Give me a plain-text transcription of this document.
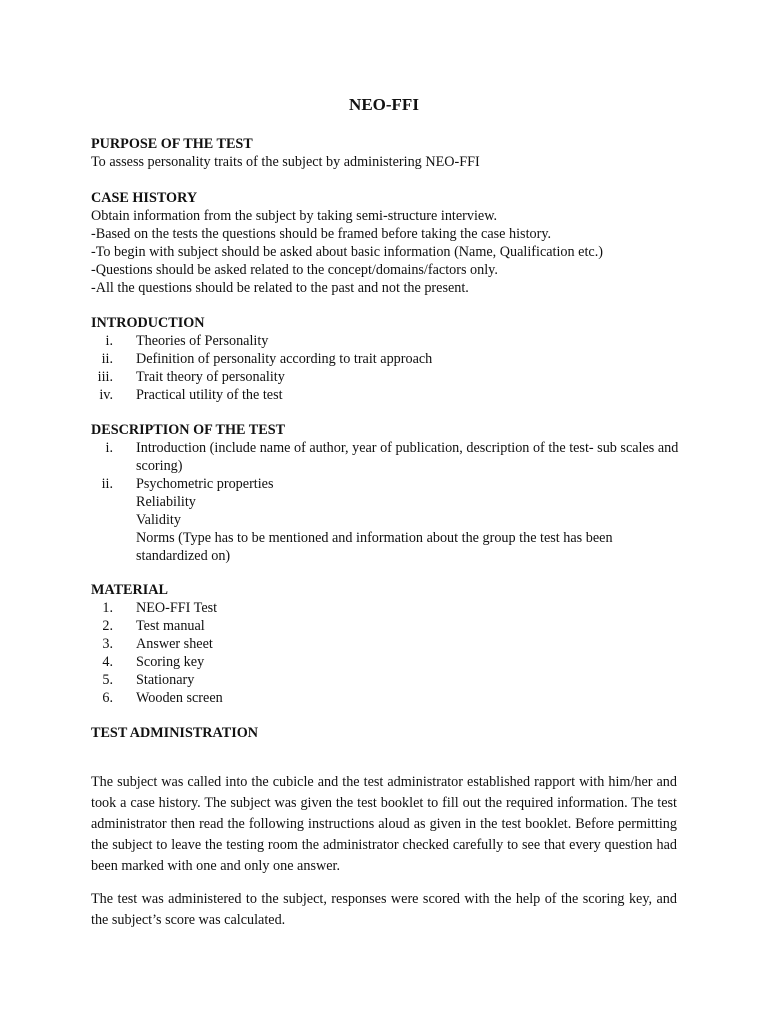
NEO-FFI
PURPOSE OF THE TEST
To assess personality traits of the subject by administering NEO-FFI
CASE HISTORY
Obtain information from the subject by taking semi-structure interview.
-Based on the tests the questions should be framed before taking the case history.
-To begin with subject should be asked about basic information (Name, Qualification etc.)
-Questions should be asked related to the concept/domains/factors only.
-All the questions should be related to the past and not the present.
INTRODUCTION
i. Theories of Personality
ii. Definition of personality according to trait approach
iii. Trait theory of personality
iv. Practical utility of the test
DESCRIPTION OF THE TEST
i. Introduction (include name of author, year of publication, description of the test- sub scales and scoring)
ii. Psychometric properties
Reliability
Validity
Norms (Type has to be mentioned and information about the group the test has been standardized on)
MATERIAL
1. NEO-FFI Test
2. Test manual
3. Answer sheet
4. Scoring key
5. Stationary
6. Wooden screen
TEST ADMINISTRATION
The subject was called into the cubicle and the test administrator established rapport with him/her and took a case history. The subject was given the test booklet to fill out the required information. The test administrator then read the following instructions aloud as given in the test booklet. Before permitting the subject to leave the testing room the administrator checked carefully to see that every question had been marked with one and only one answer.
The test was administered to the subject, responses were scored with the help of the scoring key, and the subject’s score was calculated.
